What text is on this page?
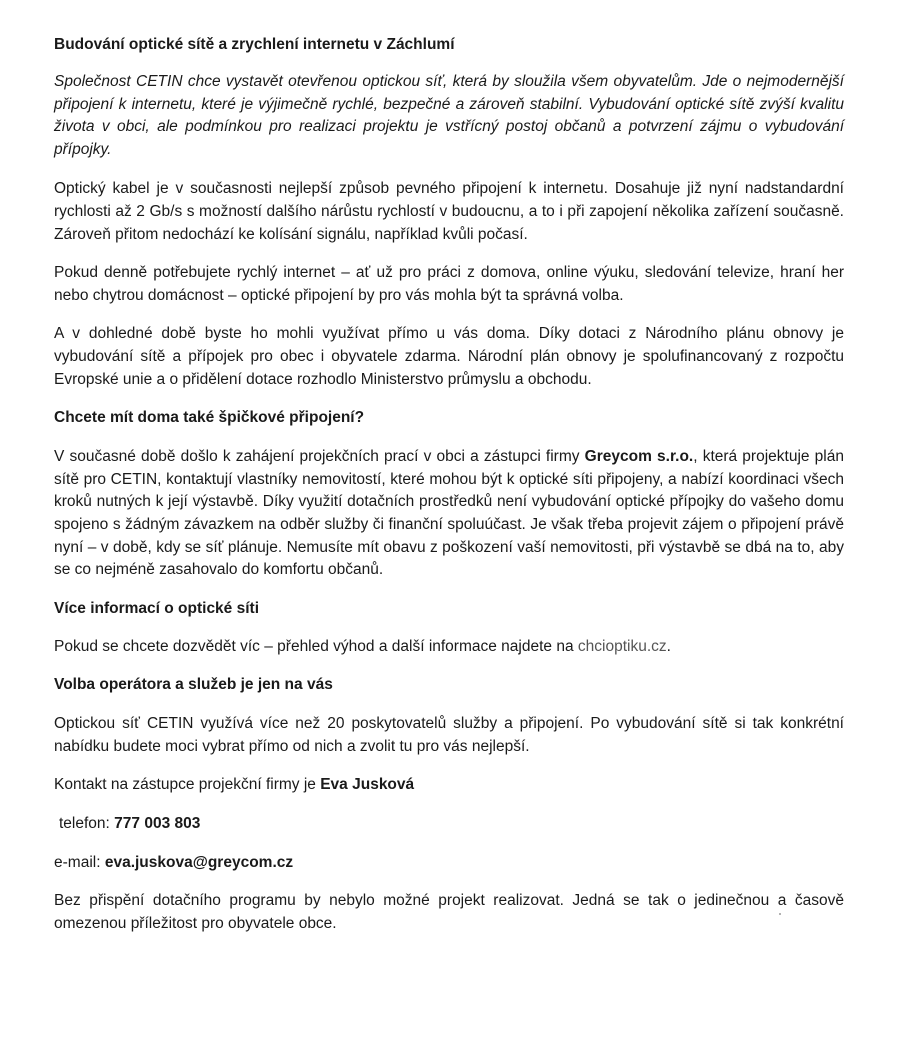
Budování optické sítě a zrychlení internetu v Záchlumí

Společnost CETIN chce vystavět otevřenou optickou síť, která by sloužila všem obyvatelům. Jde o nejmodernější připojení k internetu, které je výjimečně rychlé, bezpečné a zároveň stabilní. Vybudování optické sítě zvýší kvalitu života v obci, ale podmínkou pro realizaci projektu je vstřícný postoj občanů a potvrzení zájmu o vybudování přípojky.

Optický kabel je v současnosti nejlepší způsob pevného připojení k internetu. Dosahuje již nyní nadstandardní rychlosti až 2 Gb/s s možností dalšího nárůstu rychlostí v budoucnu, a to i při zapojení několika zařízení současně. Zároveň přitom nedochází ke kolísání signálu, například kvůli počasí.

Pokud denně potřebujete rychlý internet – ať už pro práci z domova, online výuku, sledování televize, hraní her nebo chytrou domácnost – optické připojení by pro vás mohla být ta správná volba.

A v dohledné době byste ho mohli využívat přímo u vás doma. Díky dotaci z Národního plánu obnovy je vybudování sítě a přípojek pro obec i obyvatele zdarma. Národní plán obnovy je spolufinancovaný z rozpočtu Evropské unie a o přidělení dotace rozhodlo Ministerstvo průmyslu a obchodu.

Chcete mít doma také špičkové připojení?

V současné době došlo k zahájení projekčních prací v obci a zástupci firmy Greycom s.r.o., která projektuje plán sítě pro CETIN, kontaktují vlastníky nemovitostí, které mohou být k optické síti připojeny, a nabízí koordinaci všech kroků nutných k její výstavbě. Díky využití dotačních prostředků není vybudování optické přípojky do vašeho domu spojeno s žádným závazkem na odběr služby či finanční spoluúčast. Je však třeba projevit zájem o připojení právě nyní – v době, kdy se síť plánuje. Nemusíte mít obavu z poškození vaší nemovitosti, při výstavbě se dbá na to, aby se co nejméně zasahovalo do komfortu občanů.

Více informací o optické síti

Pokud se chcete dozvědět víc – přehled výhod a další informace najdete na chcioptiku.cz.

Volba operátora a služeb je jen na vás

Optickou síť CETIN využívá více než 20 poskytovatelů služby a připojení. Po vybudování sítě si tak konkrétní nabídku budete moci vybrat přímo od nich a zvolit tu pro vás nejlepší.

Kontakt na zástupce projekční firmy je Eva Jusková

telefon: 777 003 803

e-mail: eva.juskova@greycom.cz

Bez přispění dotačního programu by nebylo možné projekt realizovat. Jedná se tak o jedinečnou a časově omezenou příležitost pro obyvatele obce.
